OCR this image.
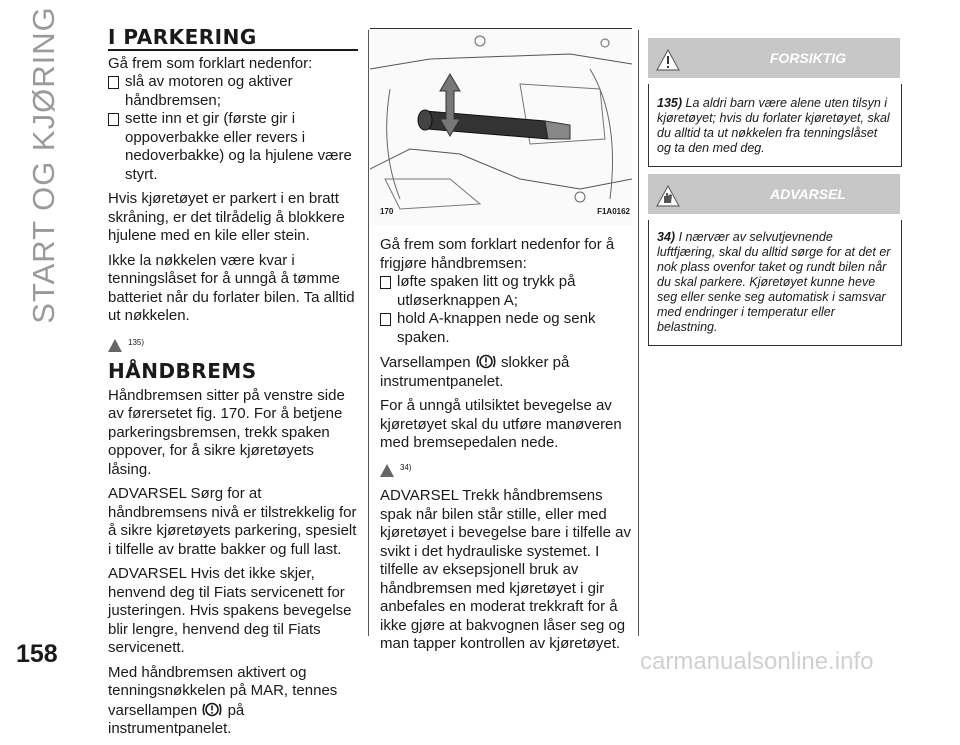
START OG KJØRING I PARKERING

Gå frem som forklart nedenfor:

slå av motoren og aktiver håndbremsen;
sette inn et gir (første gir i oppoverbakke eller revers i nedoverbakke) og la hjulene være styrt.

Hvis kjøretøyet er parkert i en bratt skråning, er det tilrådelig å blokkere hjulene med en kile eller stein.

Ikke la nøkkelen være kvar i tenningslåset for å unngå å tømme batteriet når du forlater bilen. Ta alltid ut nøkkelen.

135)
HÅNDBREMS

Håndbremsen sitter på venstre side av førersetet fig. 170. For å betjene parkeringsbremsen, trekk spaken oppover, for å sikre kjøretøyets låsing.

ADVARSEL Sørg for at håndbremsens nivå er tilstrekkelig for å sikre kjøretøyets parkering, spesielt i tilfelle av bratte bakker og full last.

ADVARSEL Hvis det ikke skjer, henvend deg til Fiats servicenett for justeringen. Hvis spakens bevegelse blir lengre, henvend deg til Fiats servicenett.

Med håndbremsen aktivert og tenningsnøkkelen på MAR, tennes varsellampen på instrumentpanelet.

170	F1A0162

Gå frem som forklart nedenfor for å frigjøre håndbremsen:

løfte spaken litt og trykk på utløserknappen A;
hold A-knappen nede og senk spaken.

Varsellampen slokker på instrumentpanelet.

For å unngå utilsiktet bevegelse av kjøretøyet skal du utføre manøveren med bremsepedalen nede.

34)

ADVARSEL Trekk håndbremsens spak når bilen står stille, eller med kjøretøyet i bevegelse bare i tilfelle av svikt i det hydrauliske systemet. I tilfelle av eksepsjonell bruk av håndbremsen med kjøretøyet i gir anbefales en moderat trekkraft for å ikke gjøre at bakvognen låser seg og man tapper kontrollen av kjøretøyet.

FORSIKTIG
135) La aldri barn være alene uten tilsyn i kjøretøyet; hvis du forlater kjøretøyet, skal du alltid ta ut nøkkelen fra tenningslåset og ta den med deg.
ADVARSEL
34) I nærvær av selvutjevnende luftfjæring, skal du alltid sørge for at det er nok plass ovenfor taket og rundt bilen når du skal parkere. Kjøretøyet kunne heve seg eller senke seg automatisk i samsvar med endringer i temperatur eller belastning.
158	carmanualsonline.info
